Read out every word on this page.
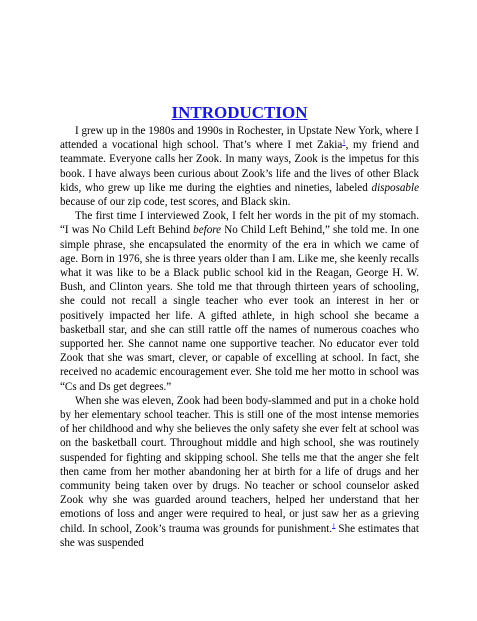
INTRODUCTION

I grew up in the 1980s and 1990s in Rochester, in Upstate New York, where I attended a vocational high school. That’s where I met Zakia$^1$, my friend and teammate. Everyone calls her Zook. In many ways, Zook is the impetus for this book. I have always been curious about Zook’s life and the lives of other Black kids, who grew up like me during the eighties and nineties, labeled disposable because of our zip code, test scores, and Black skin.

The first time I interviewed Zook, I felt her words in the pit of my stomach. “I was No Child Left Behind before No Child Left Behind,” she told me. In one simple phrase, she encapsulated the enormity of the era in which we came of age. Born in 1976, she is three years older than I am. Like me, she keenly recalls what it was like to be a Black public school kid in the Reagan, George H. W. Bush, and Clinton years. She told me that through thirteen years of schooling, she could not recall a single teacher who ever took an interest in her or positively impacted her life. A gifted athlete, in high school she became a basketball star, and she can still rattle off the names of numerous coaches who supported her. She cannot name one supportive teacher. No educator ever told Zook that she was smart, clever, or capable of excelling at school. In fact, she received no academic encouragement ever. She told me her motto in school was “Cs and Ds get degrees.”

When she was eleven, Zook had been body-slammed and put in a choke hold by her elementary school teacher. This is still one of the most intense memories of her childhood and why she believes the only safety she ever felt at school was on the basketball court. Throughout middle and high school, she was routinely suspended for fighting and skipping school. She tells me that the anger she felt then came from her mother abandoning her at birth for a life of drugs and her community being taken over by drugs. No teacher or school counselor asked Zook why she was guarded around teachers, helped her understand that her emotions of loss and anger were required to heal, or just saw her as a grieving child. In school, Zook’s trauma was grounds for punishment.$^1$ She estimates that she was suspended
